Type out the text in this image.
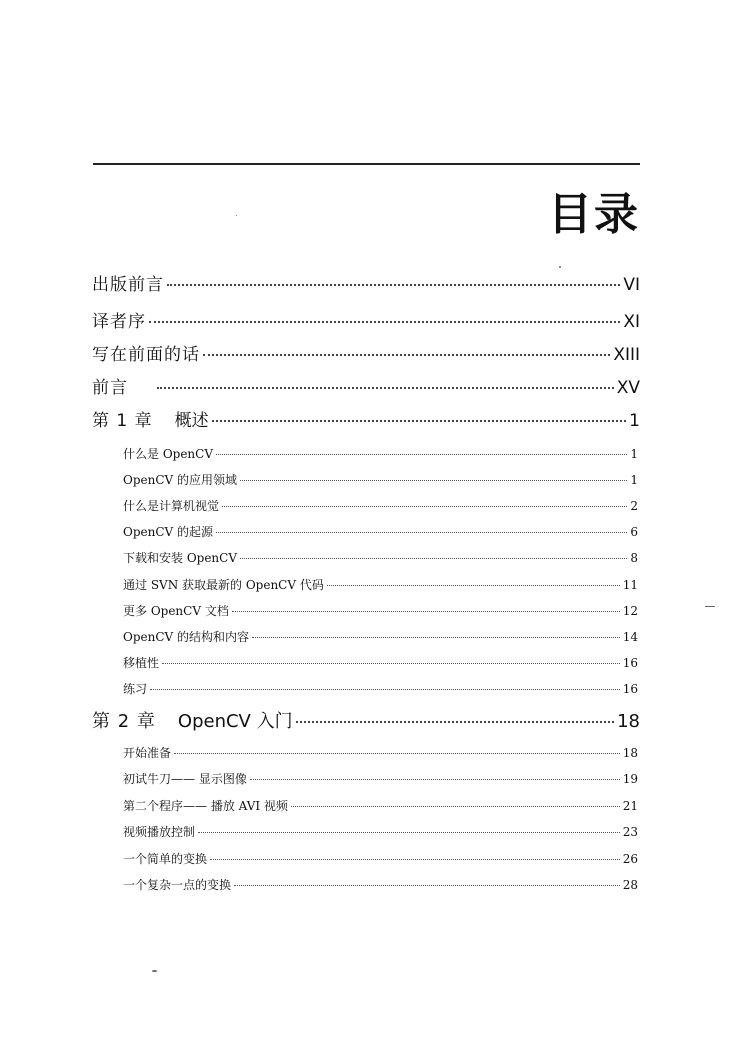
目录
出版前言	VI
译者序	XI
写在前面的话	XIII
前言	XV
第 1 章 概述	1
什么是 OpenCV	1
OpenCV 的应用领域	1
什么是计算机视觉	2
OpenCV 的起源	6
下载和安装 OpenCV	8
通过 SVN 获取最新的 OpenCV 代码	11
更多 OpenCV 文档	12
OpenCV 的结构和内容	14
移植性	16
练习	16
第 2 章 OpenCV 入门	18
开始准备	18
初试牛刀—— 显示图像	19
第二个程序—— 播放 AVI 视频	21
视频播放控制	23
一个简单的变换	26
一个复杂一点的变换	28
